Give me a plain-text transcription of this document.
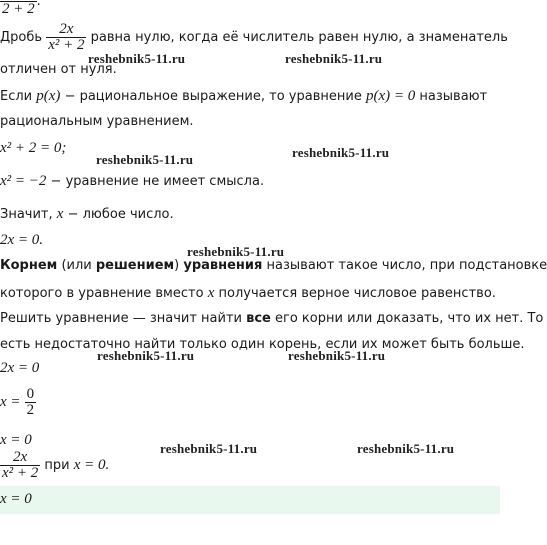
2 + 2 .
Дробь $\frac{2x}{\text{x² + 2}}$ равна нулю, когда её числитель равен нулю, а знаменатель
отличен от нуля.
Если p(x) − рациональное выражение, то уравнение p(x) = 0 называют
рациональным уравнением.
x² + 2 = 0;
x² = −2 − уравнение не имеет смысла.
Значит, x − любое число.
2x = 0.
Корнем (или решением) уравнения называют такое число, при подстановке
которого в уравнение вместо x получается верное числовое равенство.
Решить уравнение — значит найти все его корни или доказать, что их нет. То
есть недостаточно найти только один корень, если их может быть больше.
2x = 0
$x = \frac{0}{2}$
x = 0
$\frac{2x}{\text{x² + 2}}$ при x = 0.
x = 0
reshebnik5-11.ru	reshebnik5-11.ru
reshebnik5-11.ru	reshebnik5-11.ru
reshebnik5-11.ru
reshebnik5-11.ru	reshebnik5-11.ru
reshebnik5-11.ru	reshebnik5-11.ru
